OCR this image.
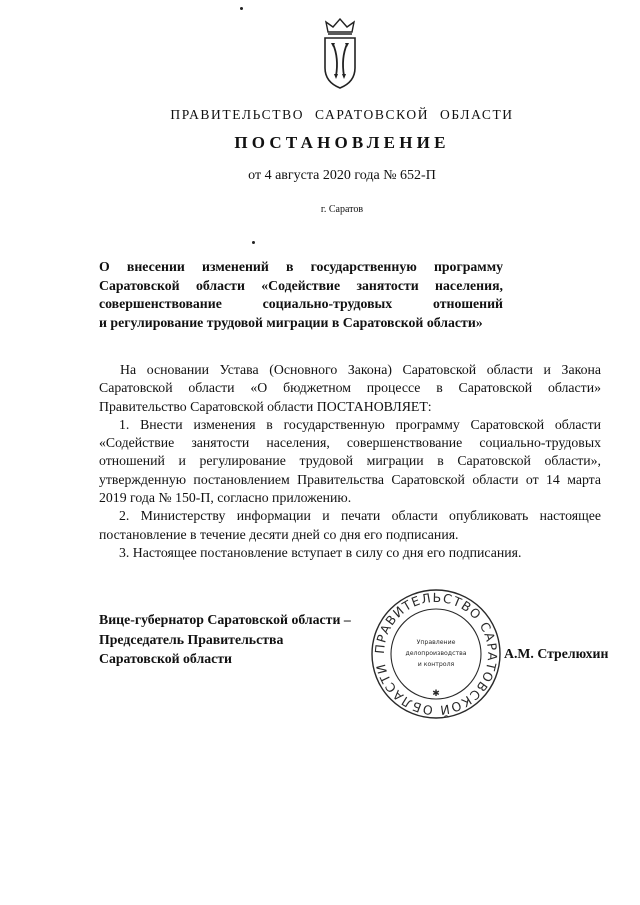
ПРАВИТЕЛЬСТВО САРАТОВСКОЙ ОБЛАСТИ
ПОСТАНОВЛЕНИЕ
от 4 августа 2020 года № 652-П
г. Саратов
О внесении изменений в государственную программу
Саратовской области «Содействие занятости населения,
совершенствование социально-трудовых отношений
и регулирование трудовой миграции в Саратовской области»

На основании Устава (Основного Закона) Саратовской области и Закона Саратовской области «О бюджетном процессе в Саратовской области» Правительство Саратовской области ПОСТАНОВЛЯЕТ:

1. Внести изменения в государственную программу Саратовской области «Содействие занятости населения, совершенствование социально-трудовых отношений и регулирование трудовой миграции в Саратовской области», утвержденную постановлением Правительства Саратовской области от 14 марта 2019 года № 150-П, согласно приложению.

2. Министерству информации и печати области опубликовать настоящее постановление в течение десяти дней со дня его подписания.

3. Настоящее постановление вступает в силу со дня его подписания.

Вице-губернатор Саратовской области –
Председатель Правительства
Саратовской области
ПРАВИТЕЛЬСТВО САРАТОВСКОЙ ОБЛАСТИ
Управление
делопроизводства
и контроля
✱
А.М. Стрелюхин
